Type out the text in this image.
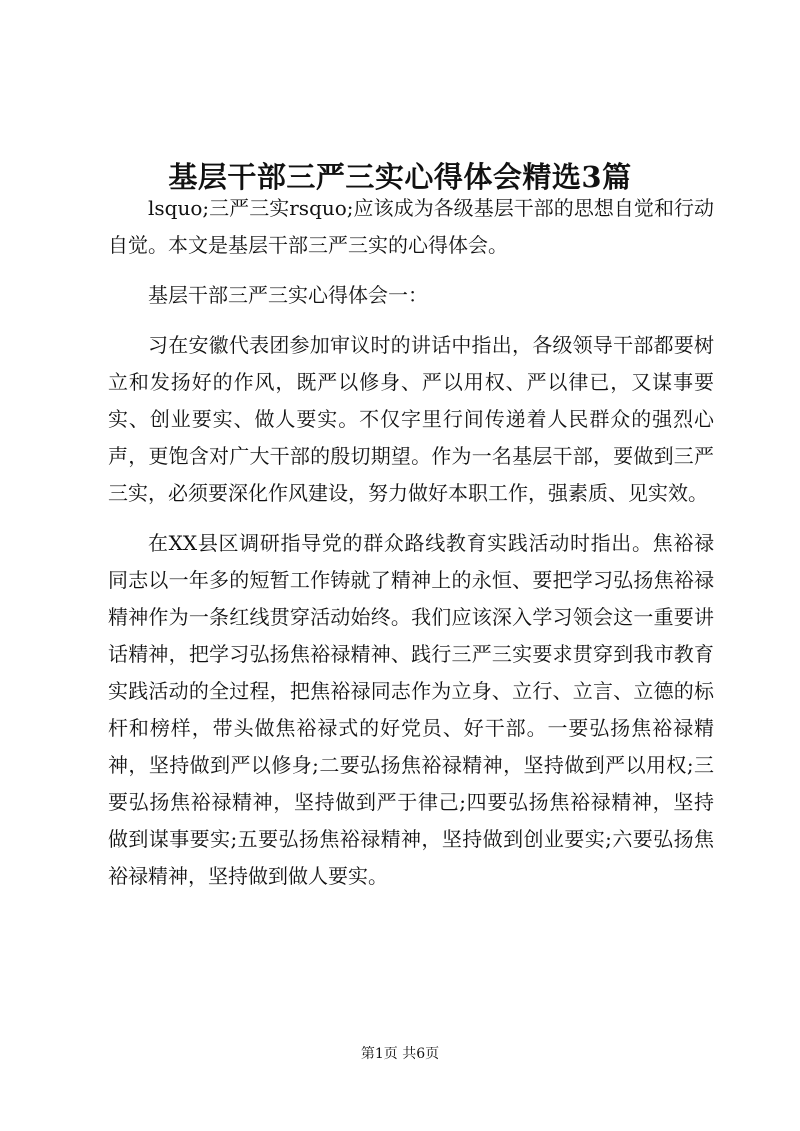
基层干部三严三实心得体会精选3篇

lsquo;三严三实rsquo;应该成为各级基层干部的思想自觉和行动自觉。本文是基层干部三严三实的心得体会。

基层干部三严三实心得体会一：

习在安徽代表团参加审议时的讲话中指出，各级领导干部都要树立和发扬好的作风，既严以修身、严以用权、严以律已，又谋事要实、创业要实、做人要实。不仅字里行间传递着人民群众的强烈心声，更饱含对广大干部的殷切期望。作为一名基层干部，要做到三严三实，必须要深化作风建设，努力做好本职工作，强素质、见实效。

在XX县区调研指导党的群众路线教育实践活动时指出。焦裕禄同志以一年多的短暂工作铸就了精神上的永恒、要把学习弘扬焦裕禄精神作为一条红线贯穿活动始终。我们应该深入学习领会这一重要讲话精神，把学习弘扬焦裕禄精神、践行三严三实要求贯穿到我市教育实践活动的全过程，把焦裕禄同志作为立身、立行、立言、立德的标杆和榜样，带头做焦裕禄式的好党员、好干部。一要弘扬焦裕禄精神，坚持做到严以修身;二要弘扬焦裕禄精神，坚持做到严以用权;三要弘扬焦裕禄精神，坚持做到严于律己;四要弘扬焦裕禄精神，坚持做到谋事要实;五要弘扬焦裕禄精神，坚持做到创业要实;六要弘扬焦裕禄精神，坚持做到做人要实。

第1页 共6页
